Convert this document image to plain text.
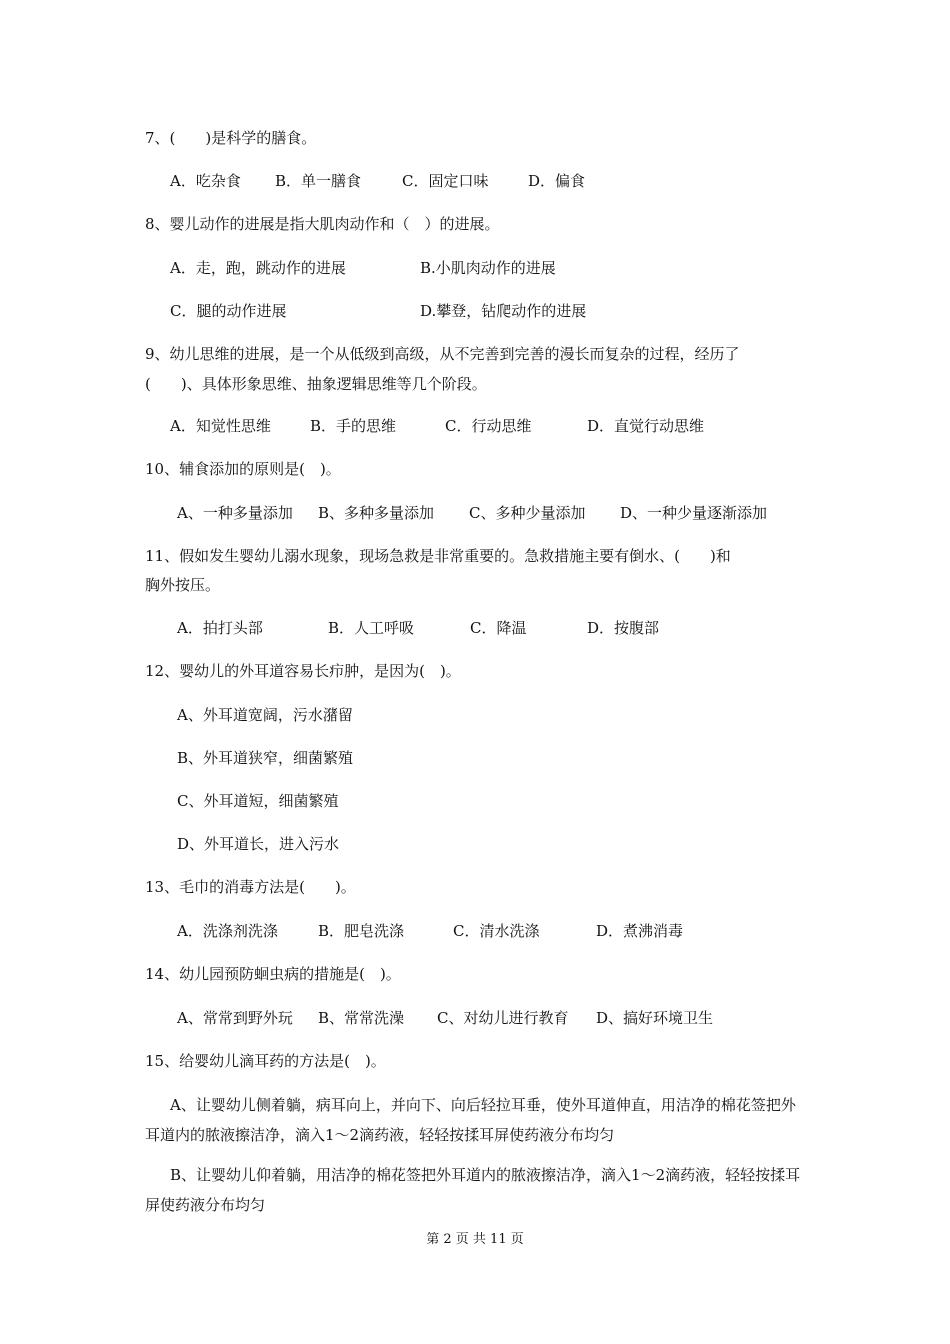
7、(　　)是科学的膳食。
A．吃杂食 B．单一膳食	C．固定口味	D．偏食
8、婴儿动作的进展是指大肌肉动作和（　）的进展。
A．走，跑，跳动作的进展	B.小肌肉动作的进展
C．腿的动作进展	D.攀登，钻爬动作的进展
9、幼儿思维的进展，是一个从低级到高级，从不完善到完善的漫长而复杂的过程，经历了
(　　)、具体形象思维、抽象逻辑思维等几个阶段。
A．知觉性思维	B．手的思维	C．行动思维	D．直觉行动思维
10、辅食添加的原则是(　)。
A、一种多量添加 B、多种多量添加 C、多种少量添加 D、一种少量逐渐添加
11、假如发生婴幼儿溺水现象，现场急救是非常重要的。急救措施主要有倒水、(　　)和
胸外按压。
A．拍打头部	B．人工呼吸	C．降温	D．按腹部
12、婴幼儿的外耳道容易长疖肿，是因为(　)。
A、外耳道宽阔，污水潴留
B、外耳道狭窄，细菌繁殖
C、外耳道短，细菌繁殖
D、外耳道长，进入污水
13、毛巾的消毒方法是(　　)。
A．洗涤剂洗涤	B．肥皂洗涤	C．清水洗涤	D．煮沸消毒
14、幼儿园预防蛔虫病的措施是(　)。
A、常常到野外玩 B、常常洗澡 C、对幼儿进行教育 D、搞好环境卫生
15、给婴幼儿滴耳药的方法是(　)。
A、让婴幼儿侧着躺，病耳向上，并向下、向后轻拉耳垂，使外耳道伸直，用洁净的棉花签把外耳道内的脓液擦洁净，滴入1～2滴药液，轻轻按揉耳屏使药液分布均匀
B、让婴幼儿仰着躺，用洁净的棉花签把外耳道内的脓液擦洁净，滴入1～2滴药液，轻轻按揉耳屏使药液分布均匀
第 2 页 共 11 页
